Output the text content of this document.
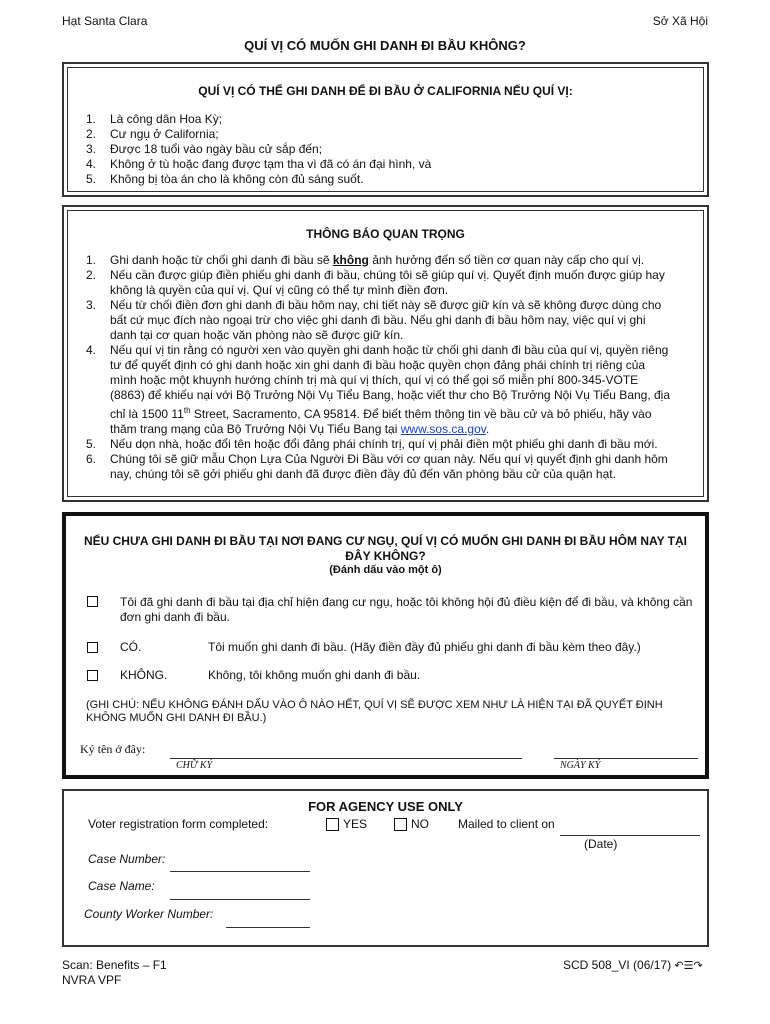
Hạt Santa Clara	Sở Xã Hội
QUÍ VỊ CÓ MUỐN GHI DANH ĐI BẦU KHÔNG?
QUÍ VỊ CÓ THỂ GHI DANH ĐỂ ĐI BẦU Ở CALIFORNIA NẾU QUÍ VỊ:
1. Là công dân Hoa Kỳ;
2. Cư ngụ ở California;
3. Được 18 tuổi vào ngày bầu cử sắp đến;
4. Không ở tù hoặc đang được tạm tha vì đã có án đại hình, và
5. Không bị tòa án cho là không còn đủ sáng suốt.
THÔNG BÁO QUAN TRỌNG
1. Ghi danh hoặc từ chối ghi danh đi bầu sẽ không ảnh hưởng đến số tiền cơ quan này cấp cho quí vị.
2. Nếu cần được giúp điền phiếu ghi danh đi bầu, chúng tôi sẽ giúp quí vị. Quyết định muốn được giúp hay không là quyền của quí vị. Quí vị cũng có thể tự mình điền đơn.
3. Nếu từ chối điền đơn ghi danh đi bầu hôm nay, chi tiết này sẽ được giữ kín và sẽ không được dùng cho bất cứ mục đích nào ngoại trừ cho việc ghi danh đi bầu. Nếu ghi danh đi bầu hôm nay, việc quí vị ghi danh tại cơ quan hoặc văn phòng nào sẽ được giữ kín.
4. Nếu quí vị tin rằng có người xen vào quyền ghi danh hoặc từ chối ghi danh đi bầu của quí vị, quyền riêng tư để quyết định có ghi danh hoặc xin ghi danh đi bầu hoặc quyền chọn đảng phái chính trị riêng của mình hoặc một khuynh hướng chính trị mà quí vị thích, quí vị có thể gọi số miễn phí 800-345-VOTE (8863) để khiếu nại với Bộ Trưởng Nội Vụ Tiểu Bang, hoặc viết thư cho Bộ Trưởng Nội Vụ Tiểu Bang, địa chỉ là 1500 11th Street, Sacramento, CA 95814. Để biết thêm thông tin về bầu cử và bỏ phiếu, hãy vào thăm trang mạng của Bộ Trưởng Nội Vụ Tiểu Bang tại www.sos.ca.gov.
5. Nếu dọn nhà, hoặc đổi tên hoặc đổi đảng phái chính trị, quí vị phải điền một phiếu ghi danh đi bầu mới.
6. Chúng tôi sẽ giữ mẫu Chọn Lựa Của Người Đi Bầu với cơ quan này. Nếu quí vị quyết định ghi danh hôm nay, chúng tôi sẽ gởi phiếu ghi danh đã được điền đầy đủ đến văn phòng bầu cử của quận hạt.
NẾU CHƯA GHI DANH ĐI BẦU TẠI NƠI ĐANG CƯ NGỤ, QUÍ VỊ CÓ MUỐN GHI DANH ĐI BẦU HÔM NAY TẠI ĐÂY KHÔNG?
(Đánh dấu vào một ô)
Tôi đã ghi danh đi bầu tại địa chỉ hiện đang cư ngụ, hoặc tôi không hội đủ điều kiện để đi bầu, và không cần đơn ghi danh đi bầu.
CÓ.	Tôi muốn ghi danh đi bầu. (Hãy điền đầy đủ phiếu ghi danh đi bầu kèm theo đây.)
KHÔNG.	Không, tôi không muốn ghi danh đi bầu.
(GHI CHÚ: NẾU KHÔNG ĐÁNH DẤU VÀO Ô NÀO HẾT, QUÍ VỊ SẼ ĐƯỢC XEM NHƯ LÀ HIỆN TẠI ĐÃ QUYẾT ĐỊNH KHÔNG MUỐN GHI DANH ĐI BẦU.)
Ký tên ở đây:
CHỮ KÝ	NGÀY KÝ
FOR AGENCY USE ONLY
Voter registration form completed:	YES	NO Mailed to client on
(Date)
Case Number:
Case Name:
County Worker Number:
Scan: Benefits – F1
NVRA VPF
SCD 508_VI (06/17) ↶☰↷
